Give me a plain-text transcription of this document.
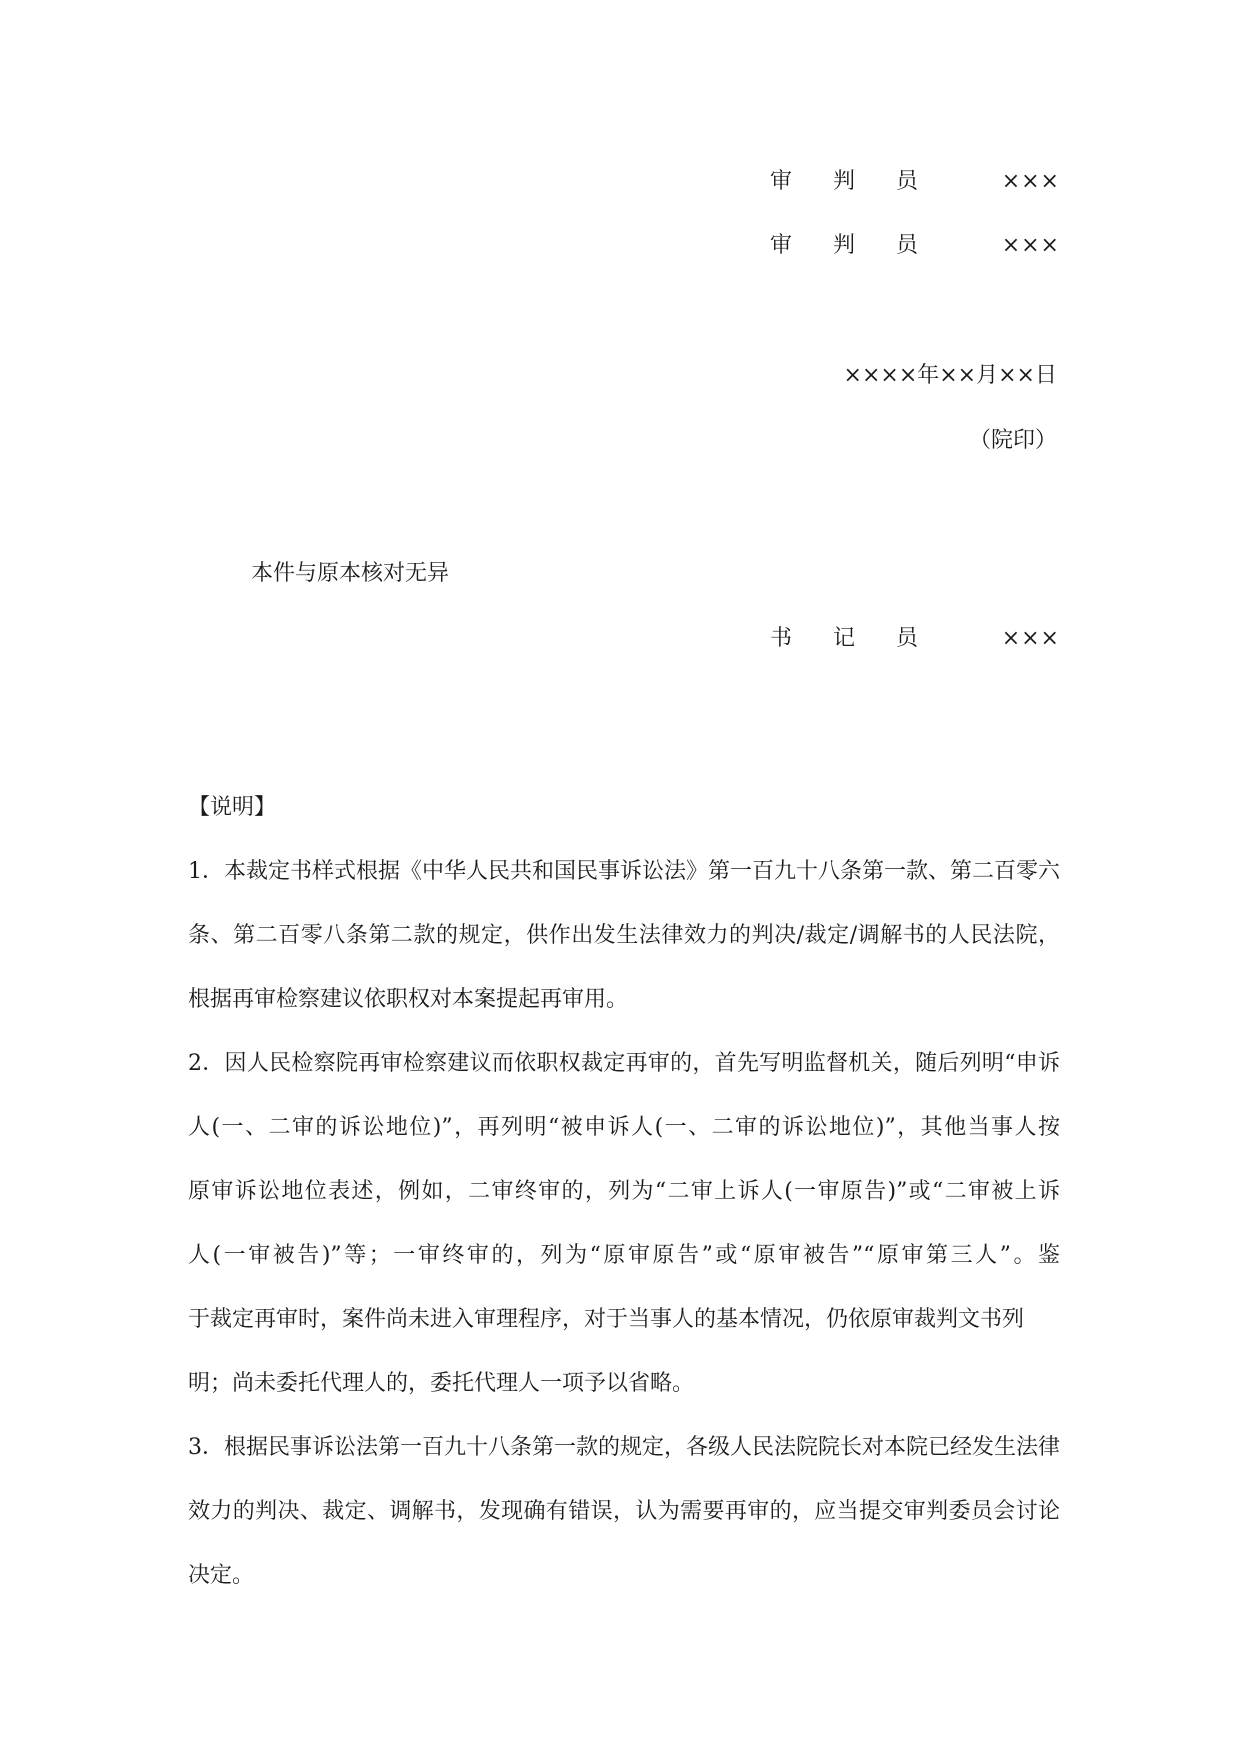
审判员	×××
审判员	×××
××××年××月××日
（院印）
本件与原本核对无异
书记员	×××
【说明】
1．本裁定书样式根据《中华人民共和国民事诉讼法》第一百九十八条第一款、第二百零六
条、第二百零八条第二款的规定，供作出发生法律效力的判决/裁定/调解书的人民法院，
根据再审检察建议依职权对本案提起再审用。
2．因人民检察院再审检察建议而依职权裁定再审的，首先写明监督机关，随后列明“申诉
人(一、二审的诉讼地位)”，再列明“被申诉人(一、二审的诉讼地位)”，其他当事人按
原审诉讼地位表述，例如，二审终审的，列为“二审上诉人(一审原告)”或“二审被上诉
人(一审被告)”等；一审终审的，列为“原审原告”或“原审被告”“原审第三人”。鉴
于裁定再审时，案件尚未进入审理程序，对于当事人的基本情况，仍依原审裁判文书列
明；尚未委托代理人的，委托代理人一项予以省略。
3．根据民事诉讼法第一百九十八条第一款的规定，各级人民法院院长对本院已经发生法律
效力的判决、裁定、调解书，发现确有错误，认为需要再审的，应当提交审判委员会讨论
决定。
